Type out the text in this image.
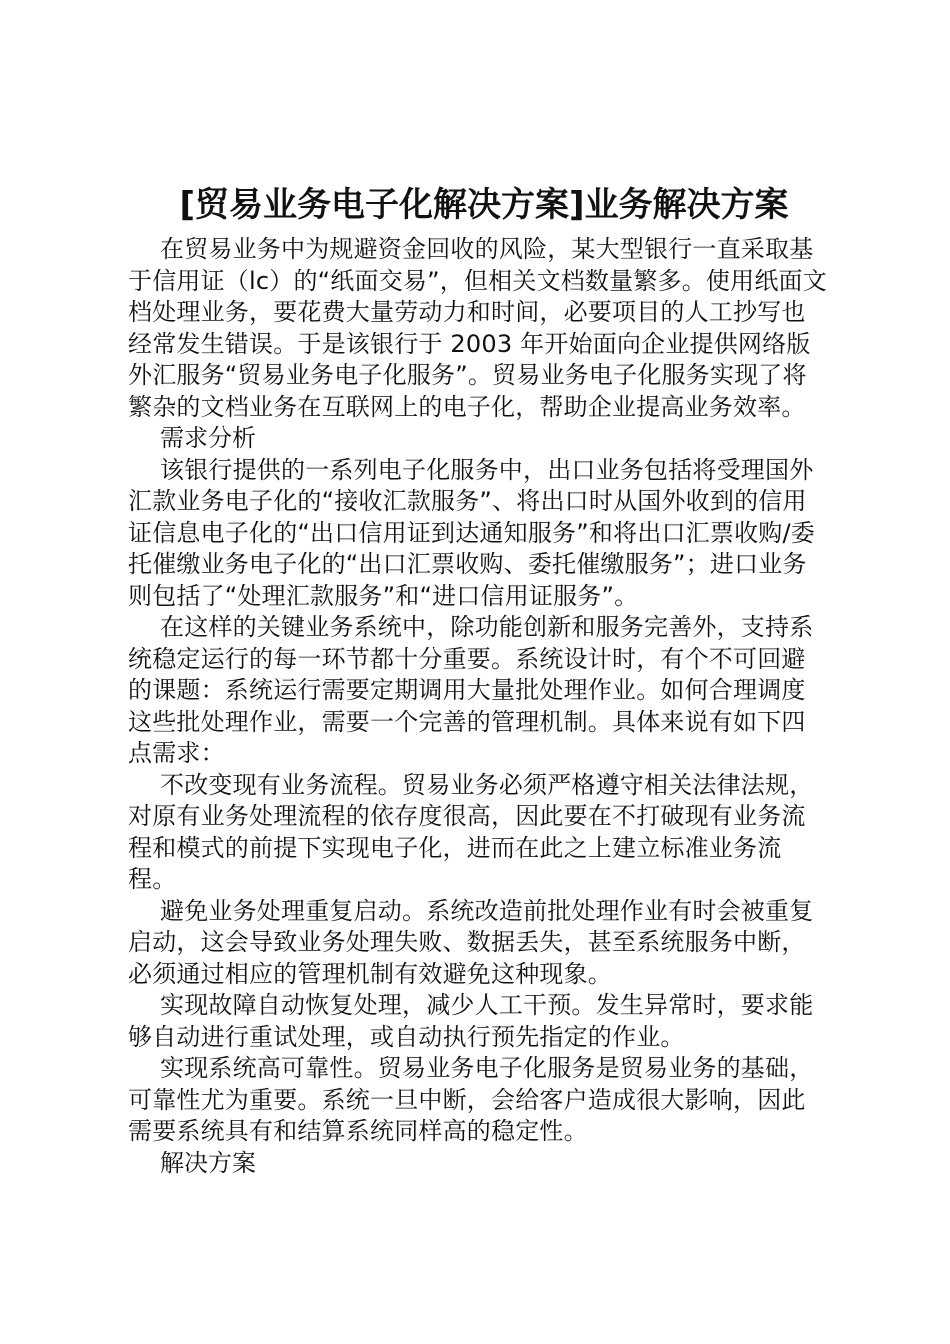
[贸易业务电子化解决方案]业务解决方案

在贸易业务中为规避资金回收的风险，某大型银行一直采取基于信用证（lc）的“纸面交易”，但相关文档数量繁多。使用纸面文档处理业务，要花费大量劳动力和时间，必要项目的人工抄写也经常发生错误。于是该银行于 2003 年开始面向企业提供网络版外汇服务“贸易业务电子化服务”。贸易业务电子化服务实现了将繁杂的文档业务在互联网上的电子化，帮助企业提高业务效率。

需求分析

该银行提供的一系列电子化服务中，出口业务包括将受理国外汇款业务电子化的“接收汇款服务”、将出口时从国外收到的信用证信息电子化的“出口信用证到达通知服务”和将出口汇票收购/委托催缴业务电子化的“出口汇票收购、委托催缴服务”；进口业务则包括了“处理汇款服务”和“进口信用证服务”。

在这样的关键业务系统中，除功能创新和服务完善外，支持系统稳定运行的每一环节都十分重要。系统设计时，有个不可回避的课题：系统运行需要定期调用大量批处理作业。如何合理调度这些批处理作业，需要一个完善的管理机制。具体来说有如下四点需求：

不改变现有业务流程。贸易业务必须严格遵守相关法律法规，对原有业务处理流程的依存度很高，因此要在不打破现有业务流程和模式的前提下实现电子化，进而在此之上建立标准业务流程。

避免业务处理重复启动。系统改造前批处理作业有时会被重复启动，这会导致业务处理失败、数据丢失，甚至系统服务中断，必须通过相应的管理机制有效避免这种现象。

实现故障自动恢复处理，减少人工干预。发生异常时，要求能够自动进行重试处理，或自动执行预先指定的作业。

实现系统高可靠性。贸易业务电子化服务是贸易业务的基础，可靠性尤为重要。系统一旦中断，会给客户造成很大影响，因此需要系统具有和结算系统同样高的稳定性。

解决方案
